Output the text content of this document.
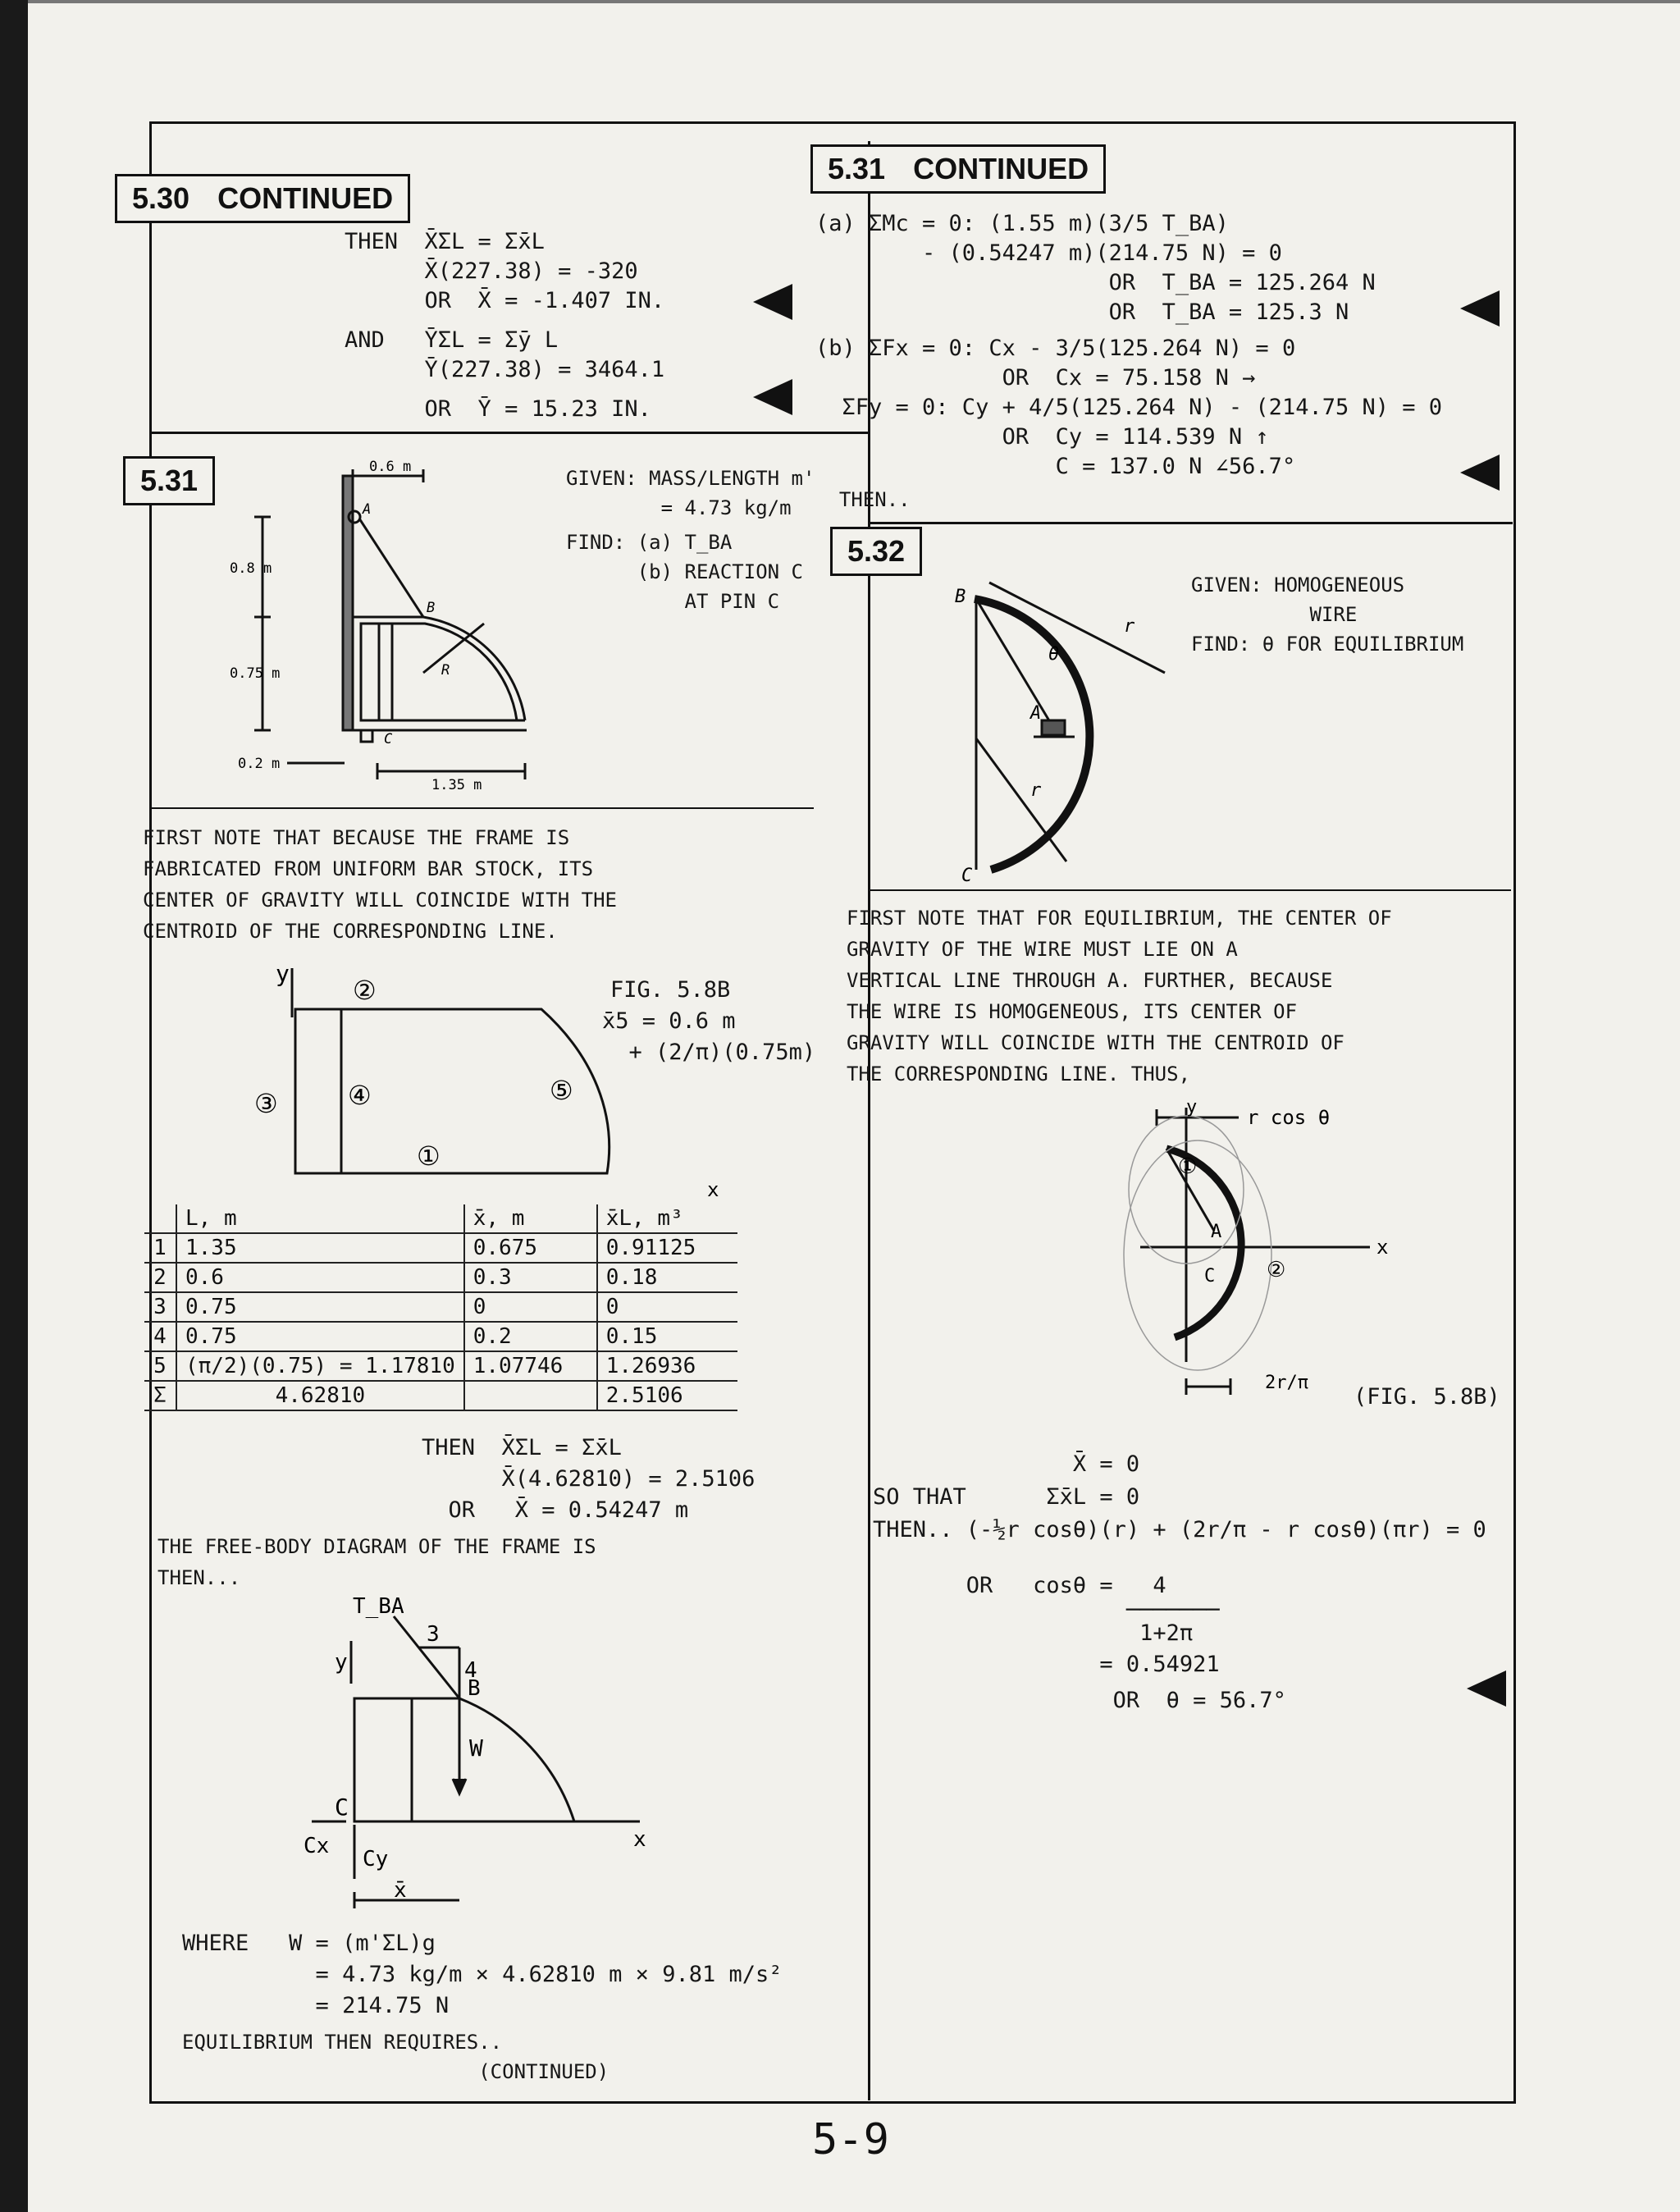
5.30 CONTINUED
THEN  X̄ΣL = Σx̄L
X̄(227.38) = -320
OR  X̄ = -1.407 IN.
AND   ȲΣL = Σȳ L
Ȳ(227.38) = 3464.1
OR  Ȳ = 15.23 IN.
5.31	0.6 m
0.8 m
0.75 m
0.2 m
1.35 m
A
B
C
R
GIVEN: MASS/LENGTH m'
= 4.73 kg/m
FIND: (a) T_BA
(b) REACTION C
AT PIN C
FIRST NOTE THAT BECAUSE THE FRAME IS
FABRICATED FROM UNIFORM BAR STOCK, ITS
CENTER OF GRAVITY WILL COINCIDE WITH THE
CENTROID OF THE CORRESPONDING LINE.
y
x
②
③	④	⑤
①
FIG. 5.8B
x̄5 = 0.6 m
+ (2/π)(0.75m)
	L, m	x̄, m	x̄L, m³
1	1.35	0.675	0.91125
2	0.6	0.3	0.18
3	0.75	0	0
4	0.75	0.2	0.15
5	(π/2)(0.75) = 1.17810	1.07746	1.26936
Σ	4.62810		2.5106
THEN  X̄ΣL = Σx̄L
X̄(4.62810) = 2.5106
OR   X̄ = 0.54247 m
THE FREE-BODY DIAGRAM OF THE FRAME IS
THEN...
T_BA
3
4
B
W
C
Cx
Cy
x̄
y
x
WHERE   W = (m'ΣL)g
= 4.73 kg/m × 4.62810 m × 9.81 m/s²
= 214.75 N
EQUILIBRIUM THEN REQUIRES..
(CONTINUED)
5.31 CONTINUED
(a) ΣMc = 0: (1.55 m)(3/5 T_BA)
- (0.54247 m)(214.75 N) = 0
OR  T_BA = 125.264 N
OR  T_BA = 125.3 N
(b) ΣFx = 0: Cx - 3/5(125.264 N) = 0
OR  Cx = 75.158 N →
ΣFy = 0: Cy + 4/5(125.264 N) - (214.75 N) = 0
OR  Cy = 114.539 N ↑
C = 137.0 N ∠56.7°
THEN..
5.32
GIVEN: HOMOGENEOUS
WIRE
FIND: θ FOR EQUILIBRIUM
B
A
C
r
r
θ
FIRST NOTE THAT FOR EQUILIBRIUM, THE CENTER OF
GRAVITY OF THE WIRE MUST LIE ON A
VERTICAL LINE THROUGH A. FURTHER, BECAUSE
THE WIRE IS HOMOGENEOUS, ITS CENTER OF
GRAVITY WILL COINCIDE WITH THE CENTROID OF
THE CORRESPONDING LINE. THUS,
r cos θ
y
x
①
②
A
C
2r/π
(FIG. 5.8B)
X̄ = 0
SO THAT      Σx̄L = 0
THEN.. (-½r cosθ)(r) + (2r/π - r cosθ)(πr) = 0
OR   cosθ =   4
───────
1+2π
= 0.54921
OR  θ = 56.7°
5-9
